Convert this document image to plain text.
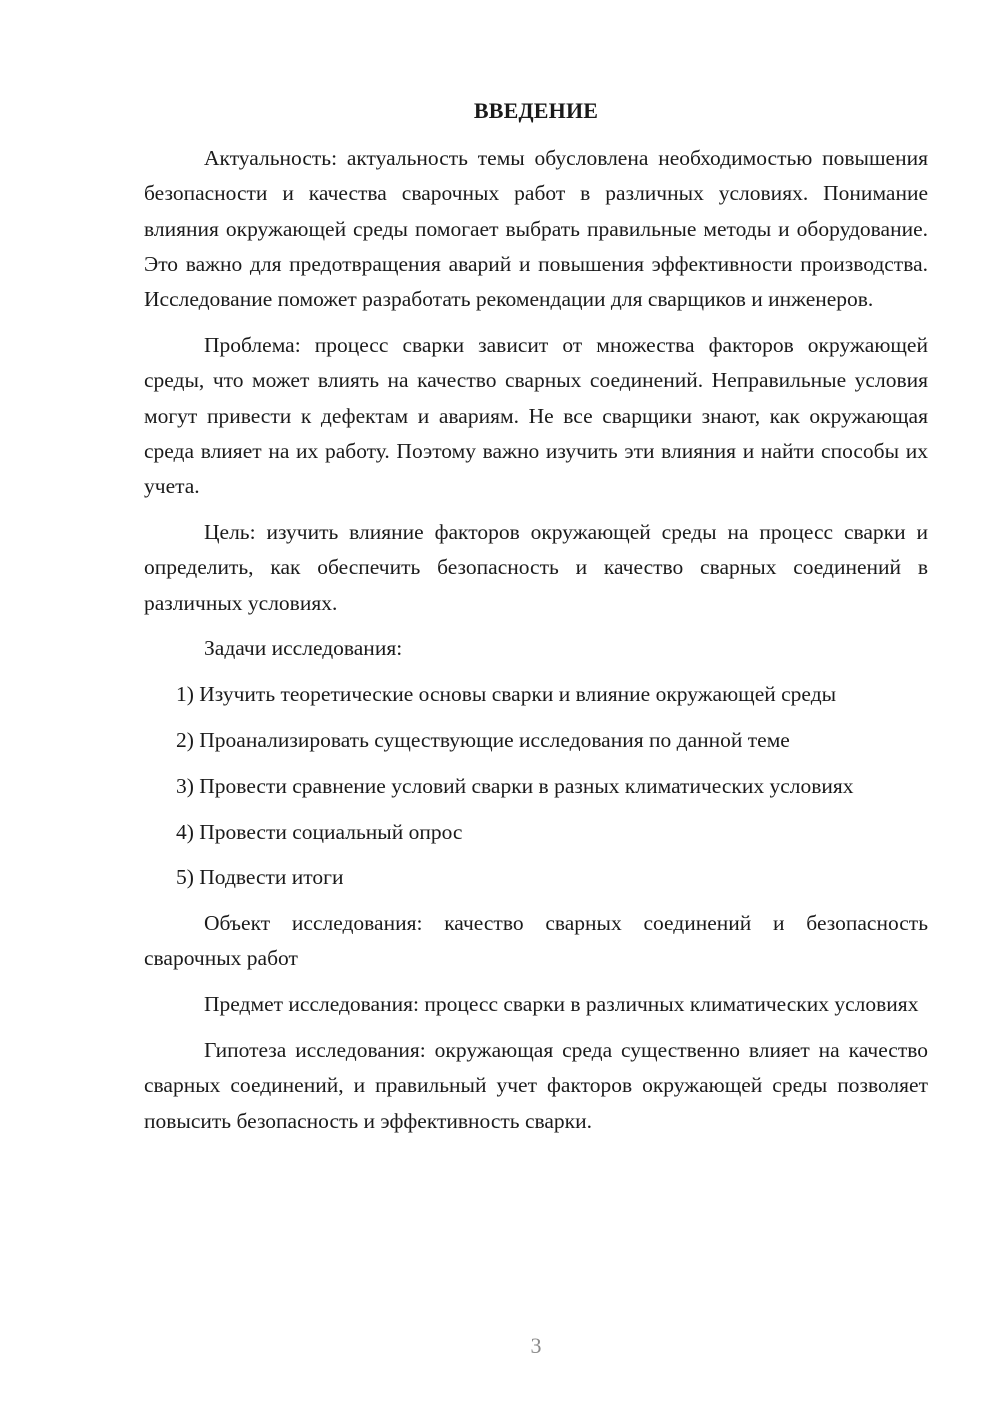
ВВЕДЕНИЕ

Актуальность: актуальность темы обусловлена необходимостью повышения безопасности и качества сварочных работ в различных условиях. Понимание влияния окружающей среды помогает выбрать правильные методы и оборудование. Это важно для предотвращения аварий и повышения эффективности производства. Исследование поможет разработать рекомендации для сварщиков и инженеров.

Проблема: процесс сварки зависит от множества факторов окружающей среды, что может влиять на качество сварных соединений. Неправильные условия могут привести к дефектам и авариям. Не все сварщики знают, как окружающая среда влияет на их работу. Поэтому важно изучить эти влияния и найти способы их учета.

Цель: изучить влияние факторов окружающей среды на процесс сварки и определить, как обеспечить безопасность и качество сварных соединений в различных условиях.

Задачи исследования:

1) Изучить теоретические основы сварки и влияние окружающей среды

2) Проанализировать существующие исследования по данной теме

3) Провести сравнение условий сварки в разных климатических условиях

4) Провести социальный опрос

5) Подвести итоги

Объект исследования: качество сварных соединений и безопасность сварочных работ

Предмет исследования: процесс сварки в различных климатических условиях

Гипотеза исследования: окружающая среда существенно влияет на качество сварных соединений, и правильный учет факторов окружающей среды позволяет повысить безопасность и эффективность сварки.

3
